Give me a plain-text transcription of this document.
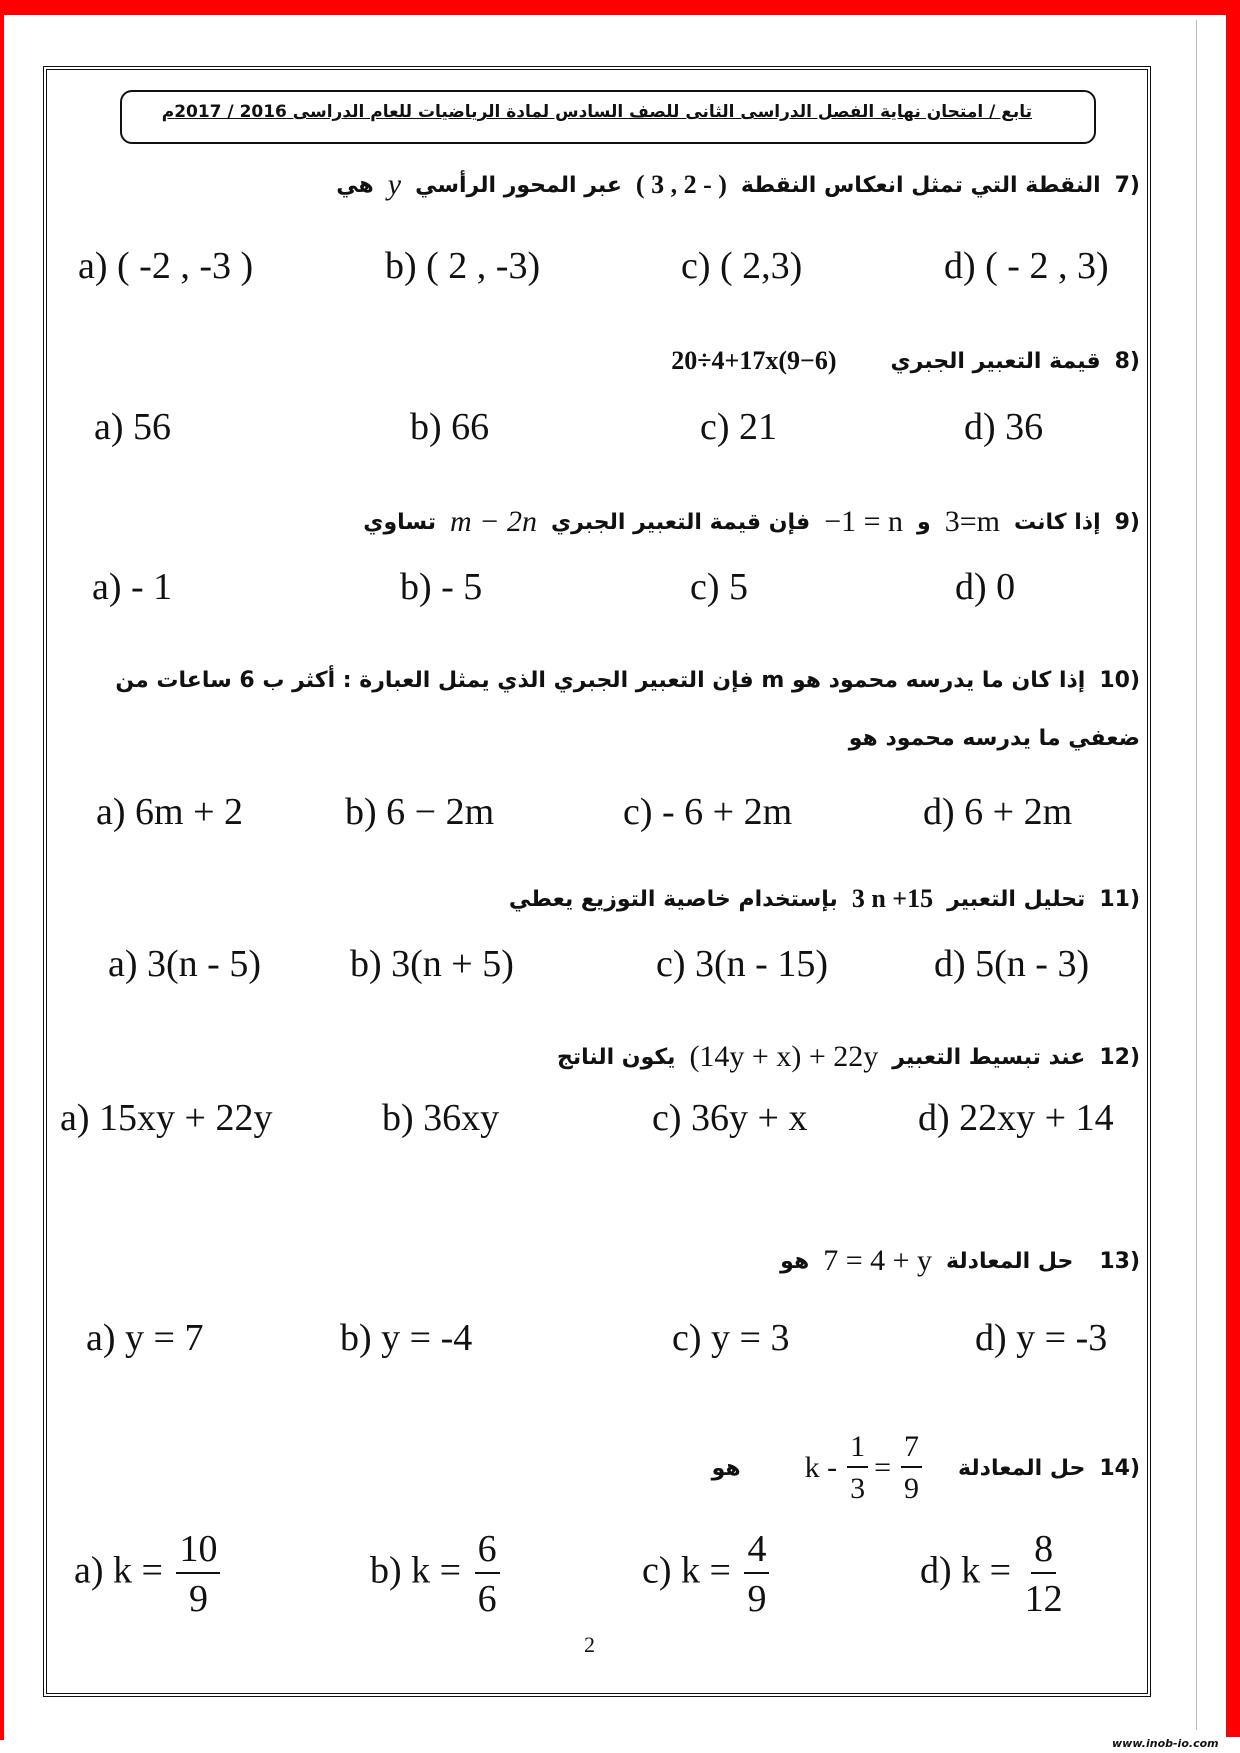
تابع / امتحان نهاية الفصل الدراسى الثانى للصف السادس لمادة الرياضيات للعام الدراسى 2016 / 2017م
7)
النقطة التي تمثل انعكاس النقطة
( 3 , 2 - )
عبر المحور الرأسي
y
هي
a) ( -2 , -3 )	b) ( 2 , -3)	c) ( 2,3)	d) ( - 2 , 3)
8)
قيمة التعبير الجبري
20÷4+17x(9−6)
a) 56	b) 66	c) 21	d) 36
9)
إذا كانت
3=m
و
−1 = n
فإن قيمة التعبير الجبري
m − 2n
تساوي
a) - 1	b) - 5	c) 5	d) 0
10)
إذا كان ما يدرسه محمود هو m فإن التعبير الجبري الذي يمثل العبارة : أكثر ب 6 ساعات من
ضعفي ما يدرسه محمود هو
a) 6m + 2	b) 6 − 2m	c) - 6 + 2m	d) 6 + 2m
11)
تحليل التعبير
3 n +15
بإستخدام خاصية التوزيع يعطي
a) 3(n - 5) b) 3(n + 5)	c) 3(n - 15)	d) 5(n - 3)
12)
عند تبسيط التعبير
(14y + x) + 22y
يكون الناتج
a) 15xy + 22y	b) 36xy	c) 36y + x	d) 22xy + 14
13)
حل المعادلة
7 = 4 + y
هو
a) y = 7	b) y = -4	c) y = 3	d) y = -3
14)
حل المعادلة
$k - \frac{1}{3} = \frac{7}{9}$
هو
a) $k = \frac{10}{9}$	b) $k = \frac{6}{6}$	c) $k = \frac{4}{9}$	d) $k = \frac{8}{12}$
2
www.inob-io.com
